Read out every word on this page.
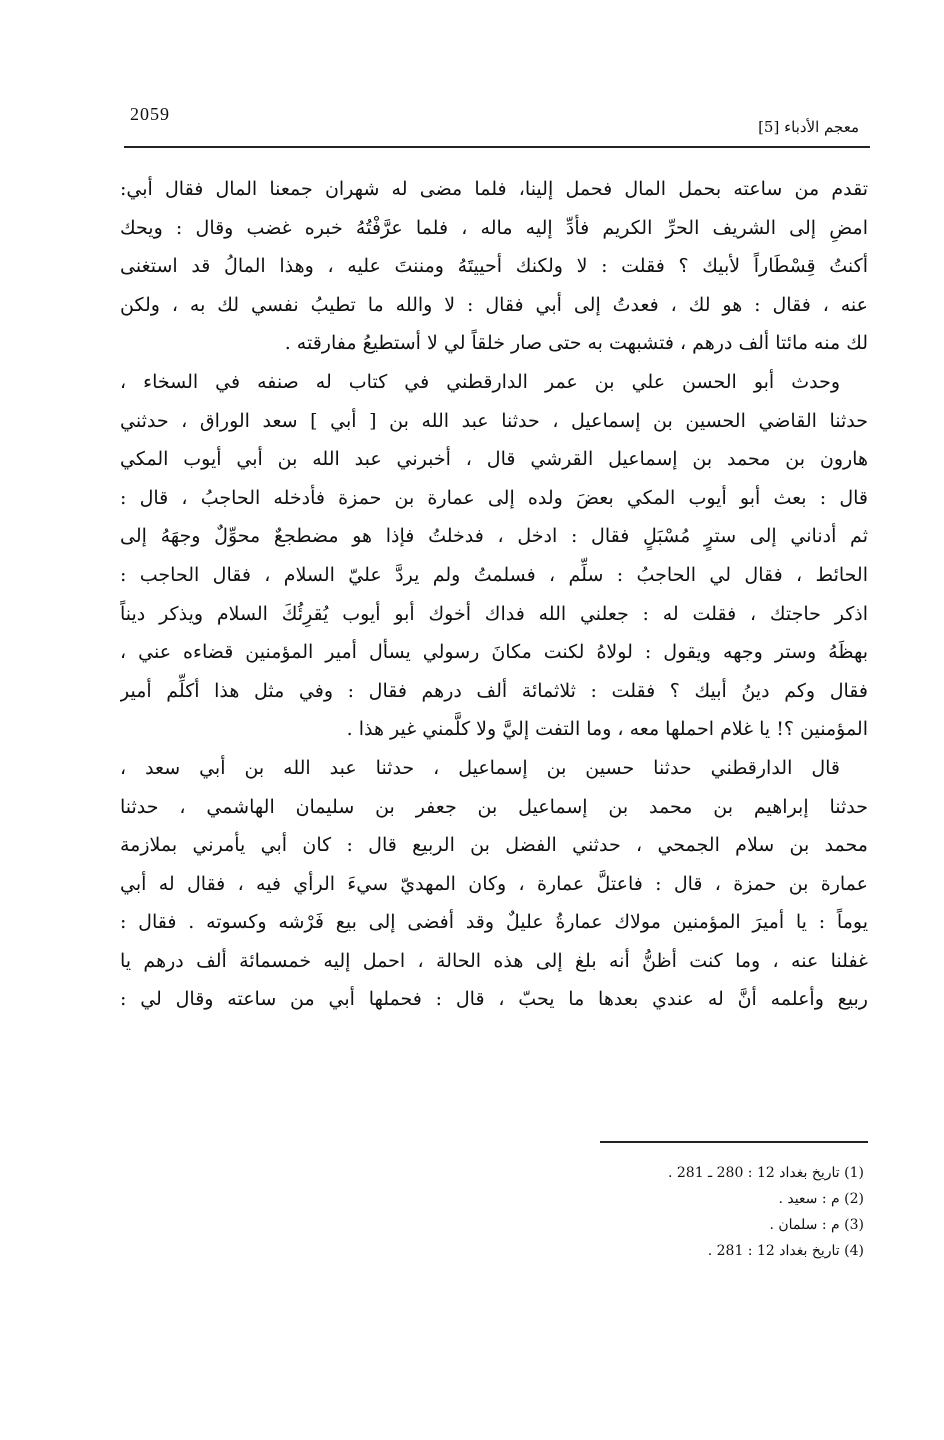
2059
معجم الأدباء [5]

تقدم من ساعته بحمل المال فحمل إلينا، فلما مضى له شهران جمعنا المال فقال أبي:
امضِ إلى الشريف الحرِّ الكريم فأدِّ إليه ماله ، فلما عرَّفْتُهُ خبره غضب وقال : ويحك
أكنتُ قِسْطَاراً لأبيك ؟ فقلت : لا ولكنك أحييتَهُ ومننتَ عليه ، وهذا المالُ قد استغنى
عنه ، فقال : هو لك ، فعدتُ إلى أبي فقال : لا والله ما تطيبُ نفسي لك به ، ولكن
لك منه مائتا ألف درهم ، فتشبهت به حتى صار خلقاً لي لا أستطيعُ مفارقته .

وحدث أبو الحسن علي بن عمر الدارقطني في كتاب له صنفه في السخاء ،
حدثنا القاضي الحسين بن إسماعيل ، حدثنا عبد الله بن [ أبي ] سعد الوراق ، حدثني
هارون بن محمد بن إسماعيل القرشي قال ، أخبرني عبد الله بن أبي أيوب المكي
قال : بعث أبو أيوب المكي بعضَ ولده إلى عمارة بن حمزة فأدخله الحاجبُ ، قال :
ثم أدناني إلى سترٍ مُسْبَلٍ فقال : ادخل ، فدخلتُ فإذا هو مضطجعٌ محوِّلٌ وجهَهُ إلى
الحائط ، فقال لي الحاجبُ : سلِّم ، فسلمتُ ولم يردَّ عليّ السلام ، فقال الحاجب :
اذكر حاجتك ، فقلت له : جعلني الله فداك أخوك أبو أيوب يُقرِئُكَ السلام ويذكر ديناً
بهظَهُ وستر وجهه ويقول : لولاهُ لكنت مكانَ رسولي يسأل أمير المؤمنين قضاءه عني ،
فقال وكم دينُ أبيك ؟ فقلت : ثلاثمائة ألف درهم فقال : وفي مثل هذا أكلِّم أمير
المؤمنين ؟! يا غلام احملها معه ، وما التفت إليَّ ولا كلَّمني غير هذا .

قال الدارقطني حدثنا حسين بن إسماعيل ، حدثنا عبد الله بن أبي سعد ،
حدثنا إبراهيم بن محمد بن إسماعيل بن جعفر بن سليمان الهاشمي ، حدثنا
محمد بن سلام الجمحي ، حدثني الفضل بن الربيع قال : كان أبي يأمرني بملازمة
عمارة بن حمزة ، قال : فاعتلَّ عمارة ، وكان المهديّ سيءَ الرأي فيه ، فقال له أبي
يوماً : يا أميرَ المؤمنين مولاك عمارةُ عليلٌ وقد أفضى إلى بيع فَرْشه وكسوته . فقال :
غفلنا عنه ، وما كنت أظنُّ أنه بلغ إلى هذه الحالة ، احمل إليه خمسمائة ألف درهم يا
ربيع وأعلمه أنَّ له عندي بعدها ما يحبّ ، قال : فحملها أبي من ساعته وقال لي :

(1) تاريخ بغداد 12 : 280 ـ 281 .
(2) م : سعيد .
(3) م : سلمان .
(4) تاريخ بغداد 12 : 281 .
